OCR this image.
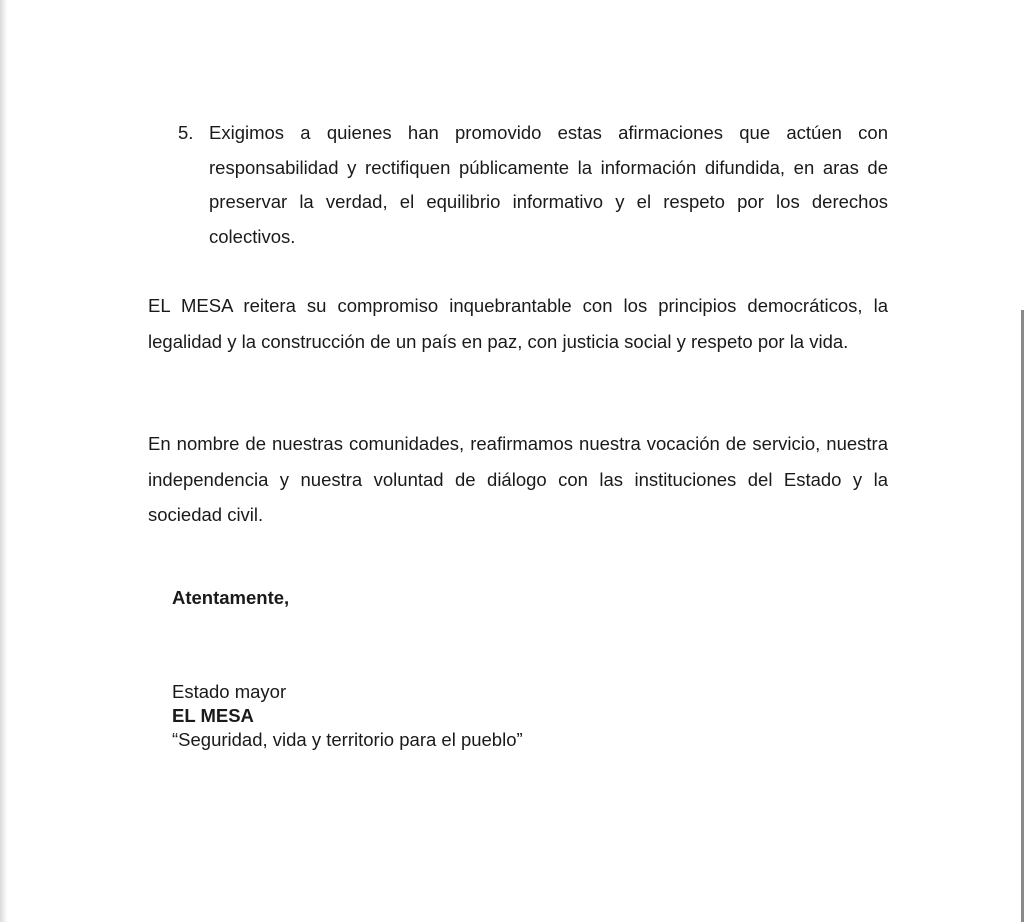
5. Exigimos a quienes han promovido estas afirmaciones que actúen con responsabilidad y rectifiquen públicamente la información difundida, en aras de preservar la verdad, el equilibrio informativo y el respeto por los derechos colectivos.

EL MESA reitera su compromiso inquebrantable con los principios democráticos, la legalidad y la construcción de un país en paz, con justicia social y respeto por la vida.

En nombre de nuestras comunidades, reafirmamos nuestra vocación de servicio, nuestra independencia y nuestra voluntad de diálogo con las instituciones del Estado y la sociedad civil.

Atentamente,
Estado mayor
EL MESA
“Seguridad, vida y territorio para el pueblo”
